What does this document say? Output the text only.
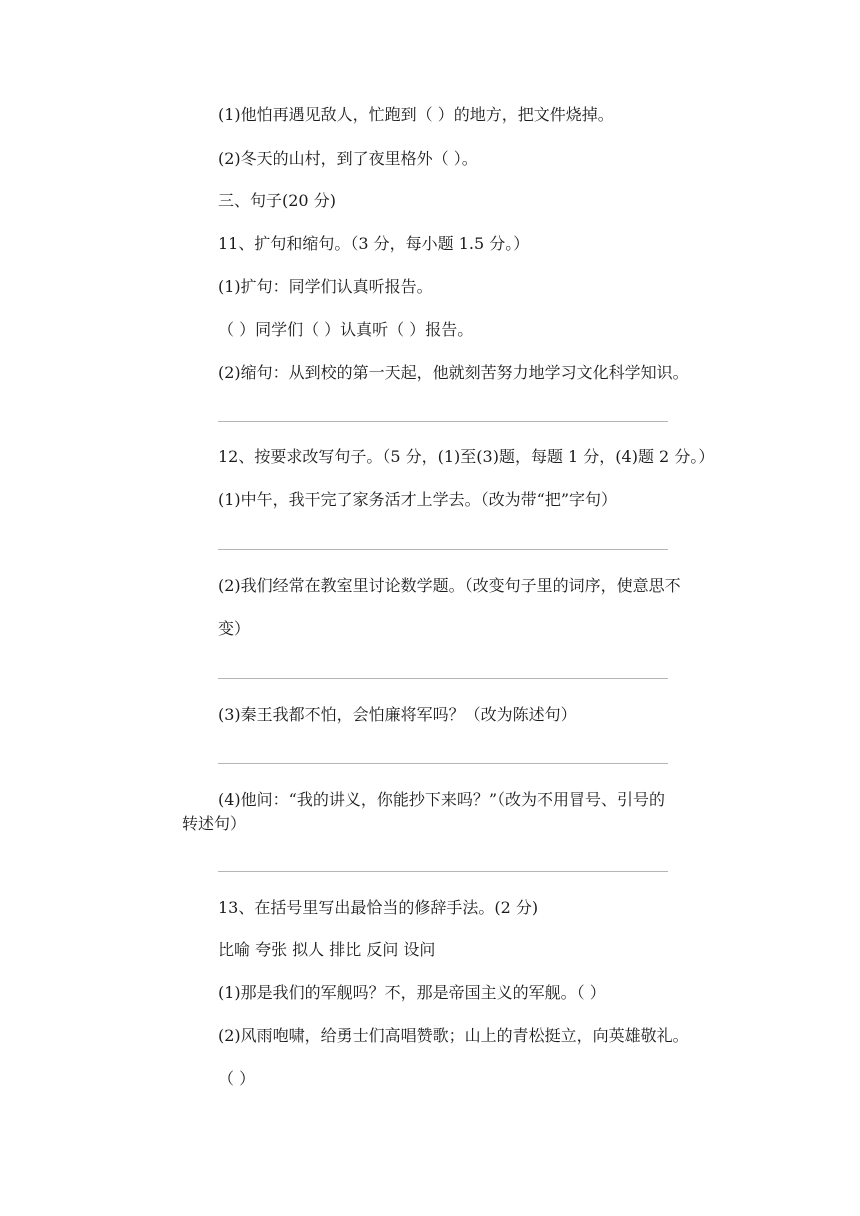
(1)他怕再遇见敌人，忙跑到（ ）的地方，把文件烧掉。
(2)冬天的山村，到了夜里格外（ ）。
三、句子(20 分)
11、扩句和缩句。（3 分，每小题 1.5 分。）
(1)扩句：同学们认真听报告。
（ ）同学们（ ）认真听（ ）报告。
(2)缩句：从到校的第一天起，他就刻苦努力地学习文化科学知识。
12、按要求改写句子。（5 分，(1)至(3)题，每题 1 分，(4)题 2 分。）
(1)中午，我干完了家务活才上学去。（改为带“把”字句）
(2)我们经常在教室里讨论数学题。（改变句子里的词序，使意思不
变）
(3)秦王我都不怕，会怕廉将军吗？（改为陈述句）
(4)他问：“我的讲义，你能抄下来吗？”（改为不用冒号、引号的
转述句）
13、在括号里写出最恰当的修辞手法。(2 分)
比喻 夸张 拟人 排比 反问 设问
(1)那是我们的军舰吗？不，那是帝国主义的军舰。（ ）
(2)风雨咆啸，给勇士们高唱赞歌；山上的青松挺立，向英雄敬礼。
（ ）
